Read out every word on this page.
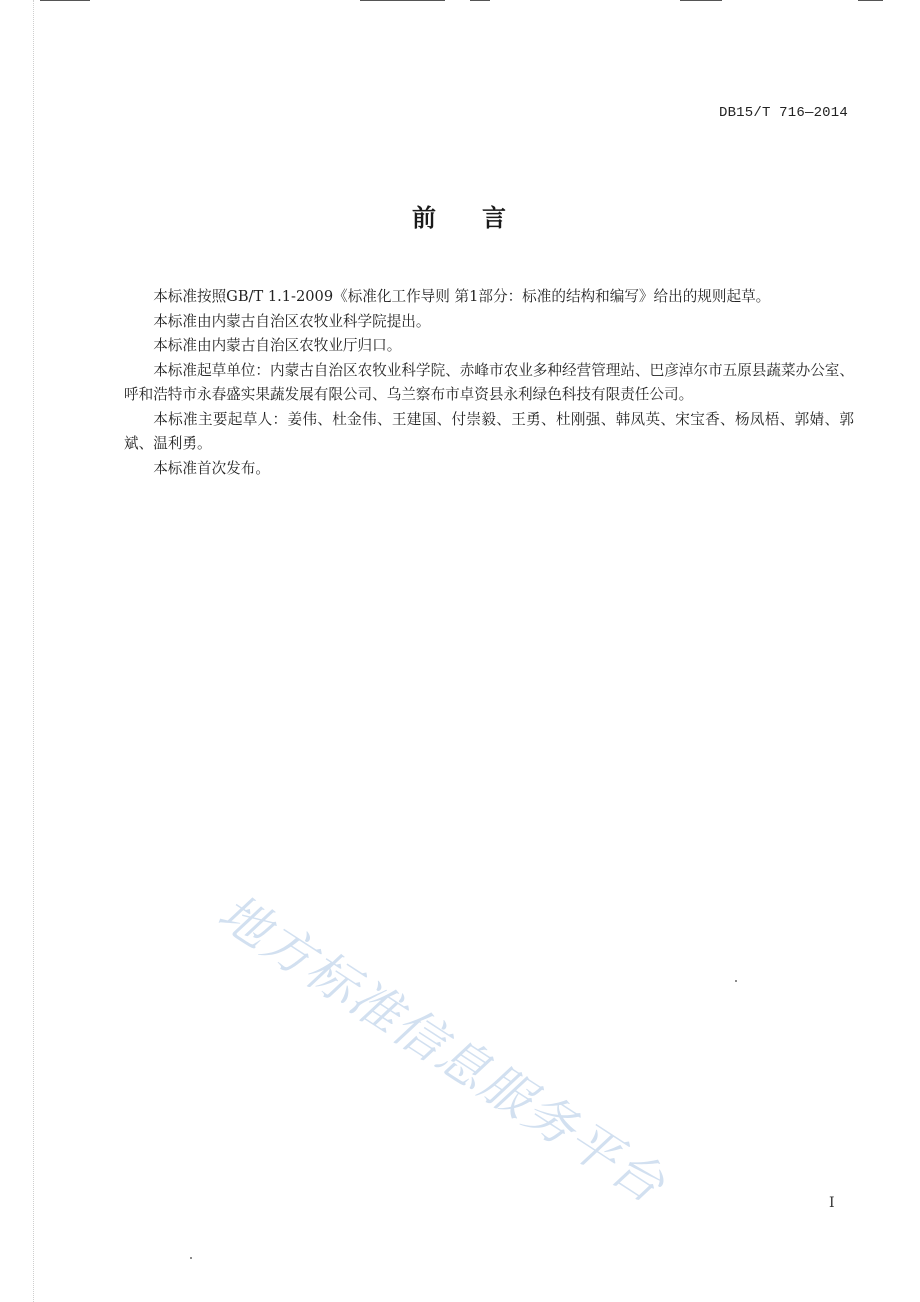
DB15/T 716—2014
前 言

本标准按照GB/T 1.1-2009《标准化工作导则 第1部分：标准的结构和编写》给出的规则起草。

本标准由内蒙古自治区农牧业科学院提出。

本标准由内蒙古自治区农牧业厅归口。

本标准起草单位：内蒙古自治区农牧业科学院、赤峰市农业多种经营管理站、巴彦淖尔市五原县蔬菜办公室、呼和浩特市永春盛实果蔬发展有限公司、乌兰察布市卓资县永利绿色科技有限责任公司。

本标准主要起草人：姜伟、杜金伟、王建国、付崇毅、王勇、杜刚强、韩凤英、宋宝香、杨凤梧、郭婧、郭斌、温利勇。

本标准首次发布。

地方标准信息服务平台	I
